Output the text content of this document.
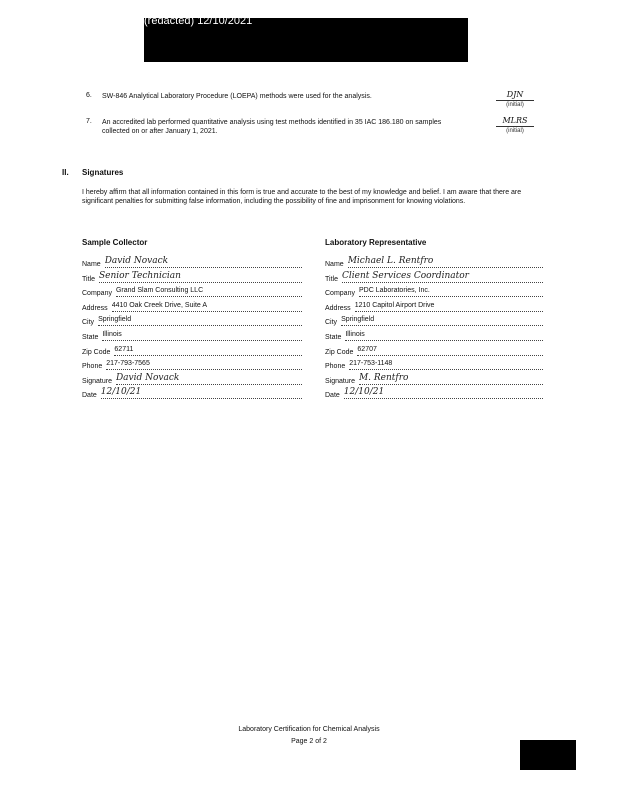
(redacted) 12/10/2021
6. SW-846 Analytical Laboratory Procedure (LOEPA) methods were used for the analysis.	DJN
(initial)
7. An accredited lab performed quantitative analysis using test methods identified in 35 IAC 186.180 on samples collected on or after January 1, 2021.
MLRS
(initial)
II. Signatures
I hereby affirm that all information contained in this form is true and accurate to the best of my knowledge and belief. I am aware that there are significant penalties for submitting false information, including the possibility of fine and imprisonment for knowing violations.
Sample Collector
Name David Novack
Title Senior Technician
Company Grand Slam Consulting LLC
Address 4410 Oak Creek Drive, Suite A
City Springfield
State Illinois
Zip Code 62711
Phone 217-793-7565
Signature David Novack
Date 12/10/21
Laboratory Representative
Name Michael L. Rentfro
Title Client Services Coordinator
Company PDC Laboratories, Inc.
Address 1210 Capitol Airport Drive
City Springfield
State Illinois
Zip Code 62707
Phone 217-753-1148
Signature M. Rentfro
Date 12/10/21
Laboratory Certification for Chemical Analysis
Page 2 of 2
